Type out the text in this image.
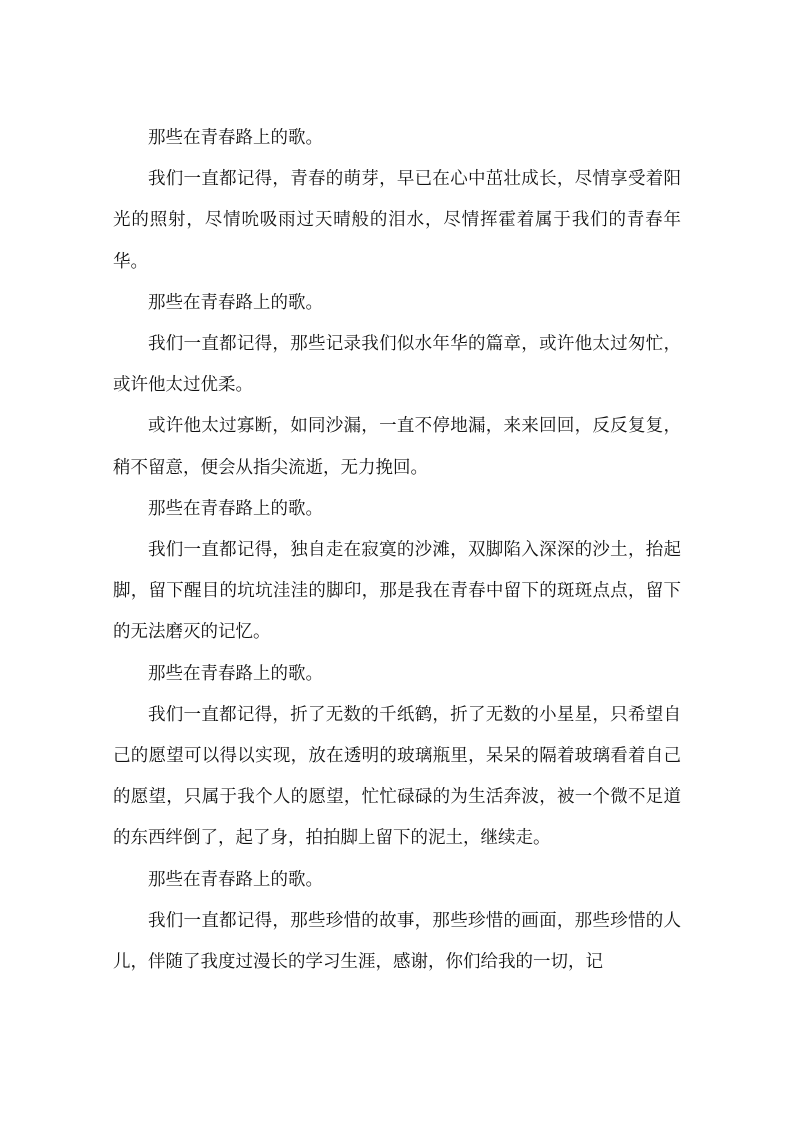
那些在青春路上的歌。

我们一直都记得，青春的萌芽，早已在心中茁壮成长，尽情享受着阳光的照射，尽情吮吸雨过天晴般的泪水，尽情挥霍着属于我们的青春年华。

那些在青春路上的歌。

我们一直都记得，那些记录我们似水年华的篇章，或许他太过匆忙，或许他太过优柔。

或许他太过寡断，如同沙漏，一直不停地漏，来来回回，反反复复，稍不留意，便会从指尖流逝，无力挽回。

那些在青春路上的歌。

我们一直都记得，独自走在寂寞的沙滩，双脚陷入深深的沙土，抬起脚，留下醒目的坑坑洼洼的脚印，那是我在青春中留下的斑斑点点，留下的无法磨灭的记忆。

那些在青春路上的歌。

我们一直都记得，折了无数的千纸鹤，折了无数的小星星，只希望自己的愿望可以得以实现，放在透明的玻璃瓶里，呆呆的隔着玻璃看着自己的愿望，只属于我个人的愿望，忙忙碌碌的为生活奔波，被一个微不足道的东西绊倒了，起了身，拍拍脚上留下的泥土，继续走。

那些在青春路上的歌。

我们一直都记得，那些珍惜的故事，那些珍惜的画面，那些珍惜的人儿，伴随了我度过漫长的学习生涯，感谢，你们给我的一切，记
